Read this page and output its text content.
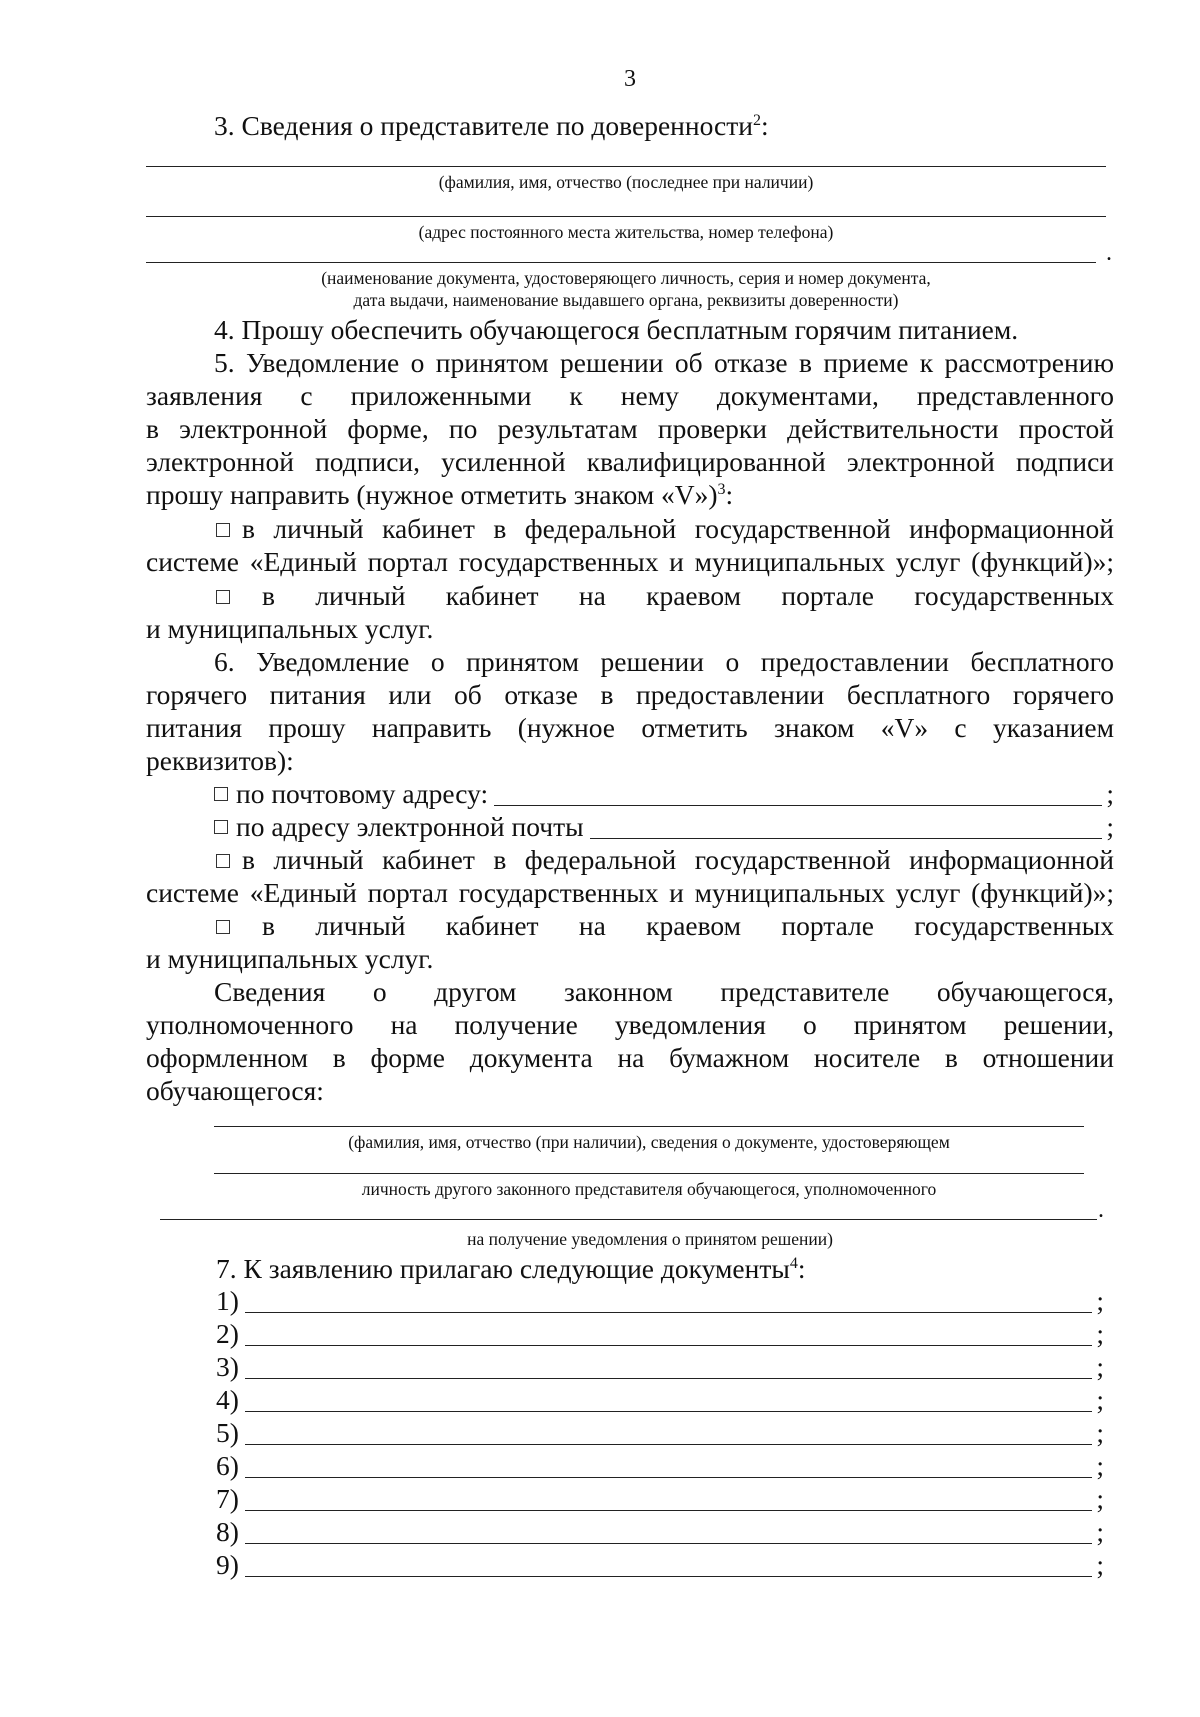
3
3. Сведения о представителе по доверенности$^2$:
(фамилия, имя, отчество (последнее при наличии)
(адрес постоянного места жительства, номер телефона)
.
(наименование документа, удостоверяющего личность, серия и номер документа,
дата выдачи, наименование выдавшего органа, реквизиты доверенности)
4. Прошу обеспечить обучающегося бесплатным горячим питанием.
5. Уведомление о принятом решении об отказе в приеме к рассмотрению
заявления с приложенными к нему документами, представленного
в электронной форме, по результатам проверки действительности простой
электронной подписи, усиленной квалифицированной электронной подписи
прошу направить (нужное отметить знаком «V»)$^3$:
в личный кабинет в федеральной государственной информационной
системе «Единый портал государственных и муниципальных услуг (функций)»;
в личный кабинет на краевом портале государственных
и муниципальных услуг.
6. Уведомление о принятом решении о предоставлении бесплатного
горячего питания или об отказе в предоставлении бесплатного горячего
питания прошу направить (нужное отметить знаком «V» с указанием
реквизитов):
по почтовому адресу:	;
по адресу электронной почты	;
в личный кабинет в федеральной государственной информационной
системе «Единый портал государственных и муниципальных услуг (функций)»;
в личный кабинет на краевом портале государственных
и муниципальных услуг.
Сведения о другом законном представителе обучающегося,
уполномоченного на получение уведомления о принятом решении,
оформленном в форме документа на бумажном носителе в отношении
обучающегося:
(фамилия, имя, отчество (при наличии), сведения о документе, удостоверяющем
личность другого законного представителя обучающегося, уполномоченного
.
на получение уведомления о принятом решении)
7. К заявлению прилагаю следующие документы$^4$:
1)	;
2)	;
3)	;
4)	;
5)	;
6)	;
7)	;
8)	;
9)	;
